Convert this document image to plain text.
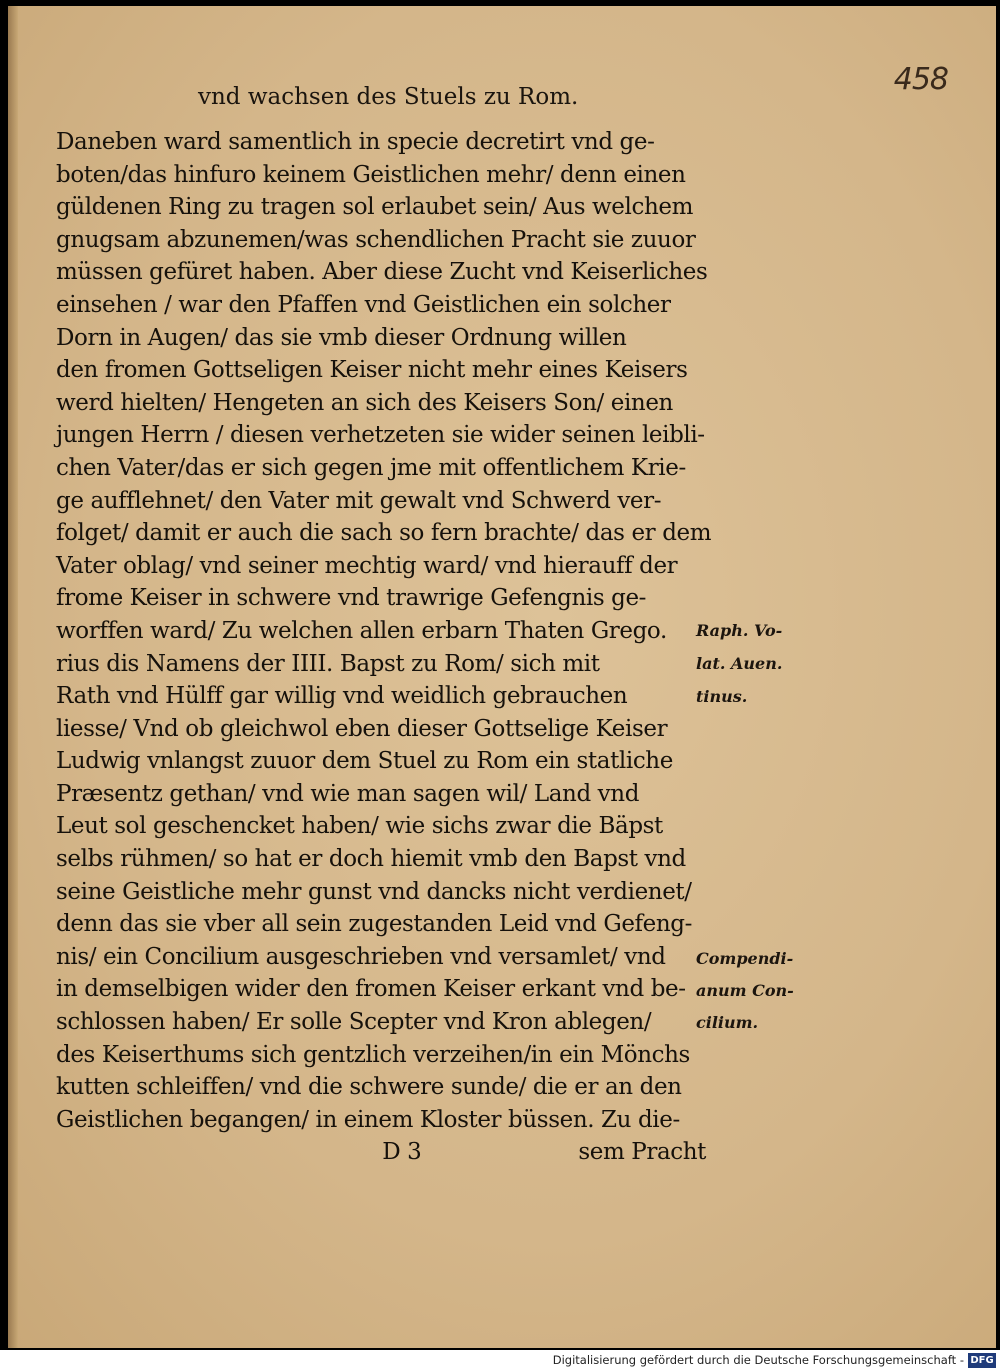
458
vnd wachsen des Stuels zu Rom.
Daneben ward samentlich in specie decretirt vnd ge-
boten/das hinfuro keinem Geistlichen mehr/ denn einen
güldenen Ring zu tragen sol erlaubet sein/ Aus welchem
gnugsam abzunemen/was schendlichen Pracht sie zuuor
müssen gefüret haben. Aber diese Zucht vnd Keiserliches
einsehen / war den Pfaffen vnd Geistlichen ein solcher
Dorn in Augen/ das sie vmb dieser Ordnung willen
den fromen Gottseligen Keiser nicht mehr eines Keisers
werd hielten/ Hengeten an sich des Keisers Son/ einen
jungen Herrn / diesen verhetzeten sie wider seinen leibli-
chen Vater/das er sich gegen jme mit offentlichem Krie-
ge aufflehnet/ den Vater mit gewalt vnd Schwerd ver-
folget/ damit er auch die sach so fern brachte/ das er dem
Vater oblag/ vnd seiner mechtig ward/ vnd hierauff der
frome Keiser in schwere vnd trawrige Gefengnis ge-
worffen ward/ Zu welchen allen erbarn Thaten Grego.
rius dis Namens der IIII. Bapst zu Rom/ sich mit
Rath vnd Hülff gar willig vnd weidlich gebrauchen
liesse/ Vnd ob gleichwol eben dieser Gottselige Keiser
Ludwig vnlangst zuuor dem Stuel zu Rom ein statliche
Præsentz gethan/ vnd wie man sagen wil/ Land vnd
Leut sol geschencket haben/ wie sichs zwar die Bäpst
selbs rühmen/ so hat er doch hiemit vmb den Bapst vnd
seine Geistliche mehr gunst vnd dancks nicht verdienet/
denn das sie vber all sein zugestanden Leid vnd Gefeng-
nis/ ein Concilium ausgeschrieben vnd versamlet/ vnd
in demselbigen wider den fromen Keiser erkant vnd be-
schlossen haben/ Er solle Scepter vnd Kron ablegen/
des Keiserthums sich gentzlich verzeihen/in ein Mönchs
kutten schleiffen/ vnd die schwere sunde/ die er an den
Geistlichen begangen/ in einem Kloster büssen. Zu die-
D 3	sem Pracht
Raph. Vo-
lat. Auen.
tinus.
Compendi-
anum Con-
cilium.
Digitalisierung gefördert durch die Deutsche Forschungsgemeinschaft - DFG
